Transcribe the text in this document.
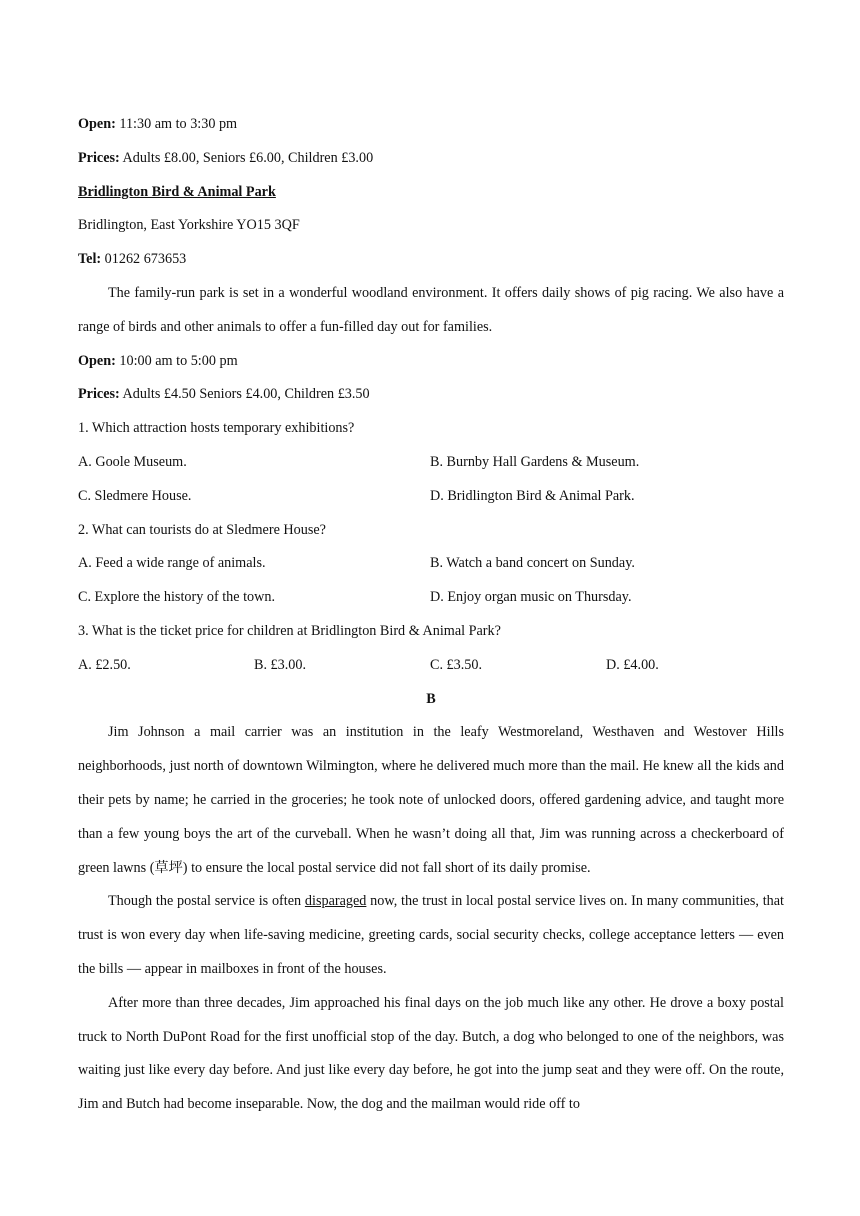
Open: 11:30 am to 3:30 pm
Prices: Adults £8.00, Seniors £6.00, Children £3.00
Bridlington Bird & Animal Park
Bridlington, East Yorkshire YO15 3QF
Tel: 01262 673653

The family-run park is set in a wonderful woodland environment. It offers daily shows of pig racing. We also have a range of birds and other animals to offer a fun-filled day out for families.

Open: 10:00 am to 5:00 pm
Prices: Adults £4.50 Seniors £4.00, Children £3.50
1. Which attraction hosts temporary exhibitions?
A. Goole Museum.	B. Burnby Hall Gardens & Museum.
C. Sledmere House.	D. Bridlington Bird & Animal Park.
2. What can tourists do at Sledmere House?
A. Feed a wide range of animals.	B. Watch a band concert on Sunday.
C. Explore the history of the town.	D. Enjoy organ music on Thursday.
3. What is the ticket price for children at Bridlington Bird & Animal Park?
A. £2.50.	B. £3.00.	C. £3.50.	D. £4.00.
B

Jim Johnson a mail carrier was an institution in the leafy Westmoreland, Westhaven and Westover Hills neighborhoods, just north of downtown Wilmington, where he delivered much more than the mail. He knew all the kids and their pets by name; he carried in the groceries; he took note of unlocked doors, offered gardening advice, and taught more than a few young boys the art of the curveball. When he wasn’t doing all that, Jim was running across a checkerboard of green lawns (草坪) to ensure the local postal service did not fall short of its daily promise.

Though the postal service is often disparaged now, the trust in local postal service lives on. In many communities, that trust is won every day when life-saving medicine, greeting cards, social security checks, college acceptance letters — even the bills — appear in mailboxes in front of the houses.

After more than three decades, Jim approached his final days on the job much like any other. He drove a boxy postal truck to North DuPont Road for the first unofficial stop of the day. Butch, a dog who belonged to one of the neighbors, was waiting just like every day before. And just like every day before, he got into the jump seat and they were off. On the route, Jim and Butch had become inseparable. Now, the dog and the mailman would ride off to
